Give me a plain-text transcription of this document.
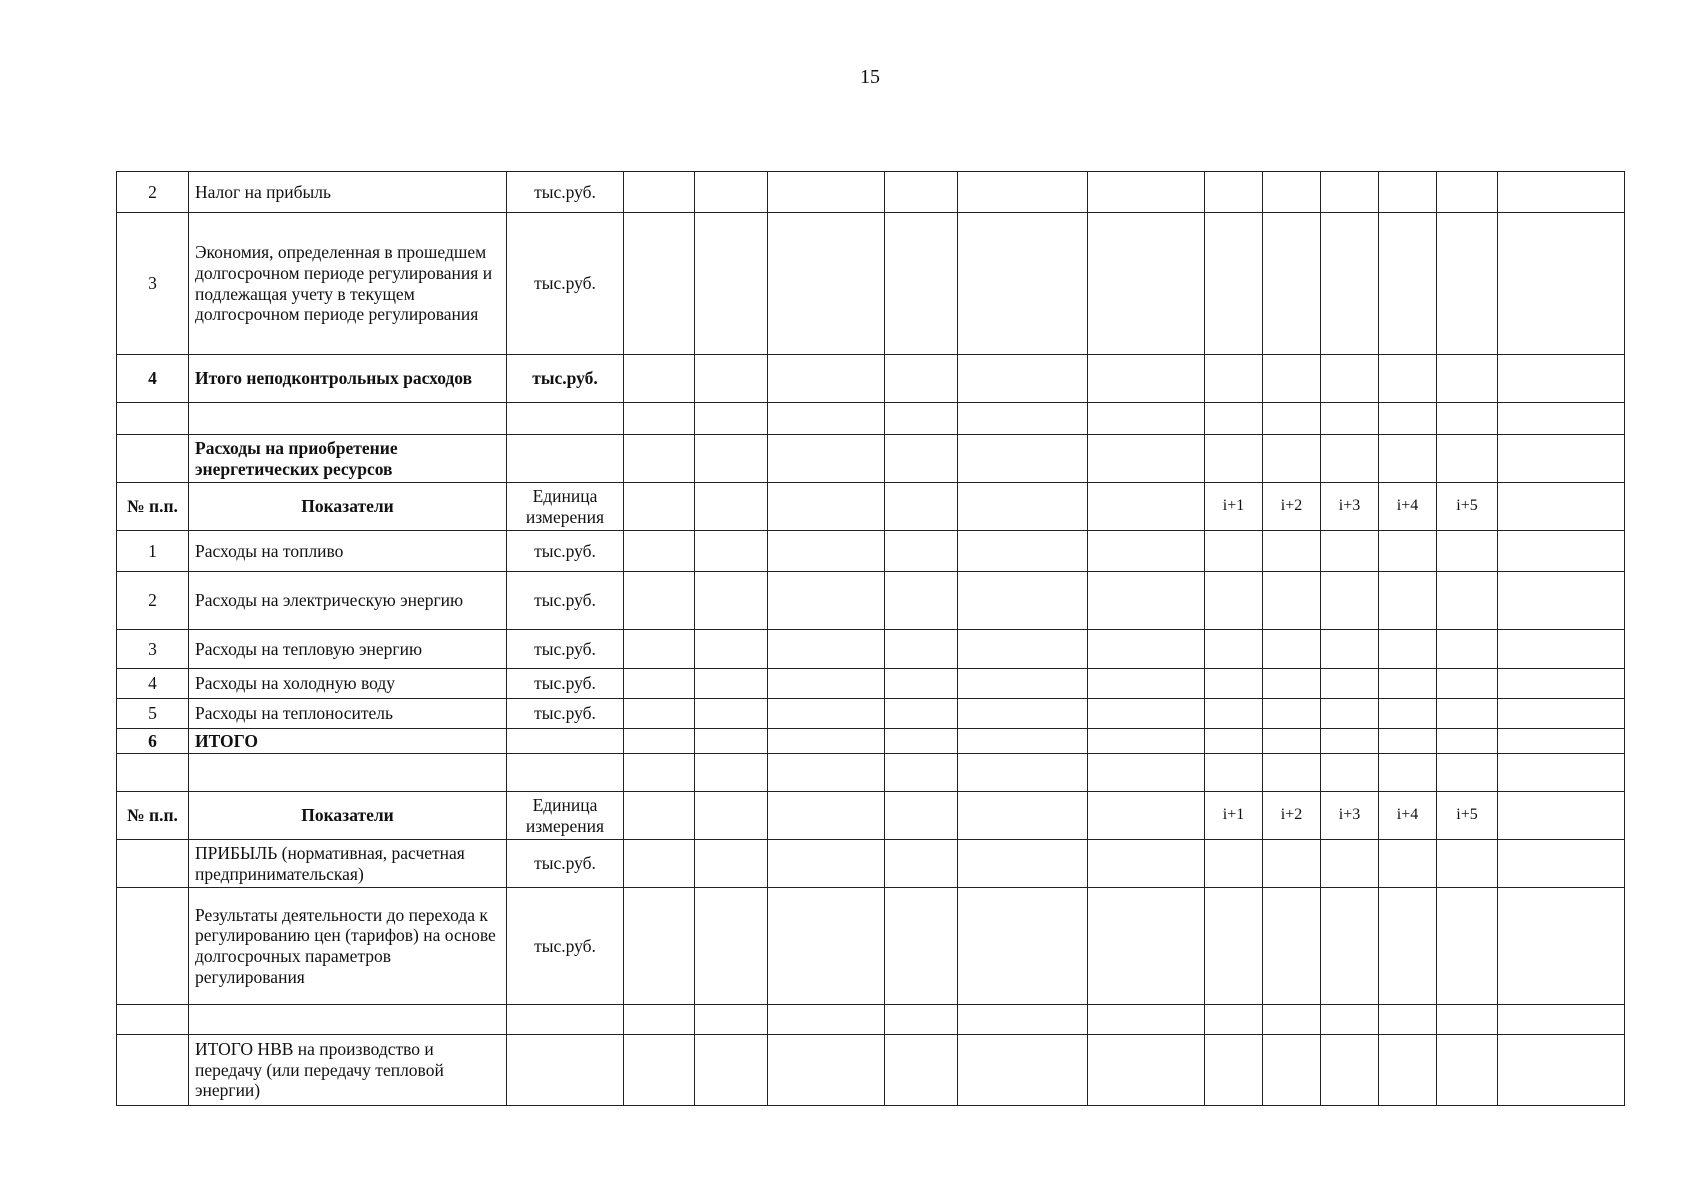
15
2	Налог на прибыль	тыс.руб.												
3	Экономия, определенная в прошедшем долгосрочном периоде регулирования и подлежащая учету в текущем долгосрочном периоде регулирования	тыс.руб.												
4	Итого неподконтрольных расходов	тыс.руб.												

	Расходы на приобретение энергетических ресурсов													
№ п.п.	Показатели	Единица измерения							i+1	i+2	i+3	i+4	i+5	
1	Расходы на топливо	тыс.руб.												
2	Расходы на электрическую энергию	тыс.руб.												
3	Расходы на тепловую энергию	тыс.руб.												
4	Расходы на холодную воду	тыс.руб.												
5	Расходы на теплоноситель	тыс.руб.												
6	ИТОГО													

№ п.п.	Показатели	Единица измерения							i+1	i+2	i+3	i+4	i+5	
	ПРИБЫЛЬ (нормативная, расчетная предпринимательская)	тыс.руб.												
	Результаты деятельности до перехода к регулированию цен (тарифов) на основе долгосрочных параметров регулирования	тыс.руб.												

	ИТОГО НВВ на производство и передачу (или передачу тепловой энергии)													
